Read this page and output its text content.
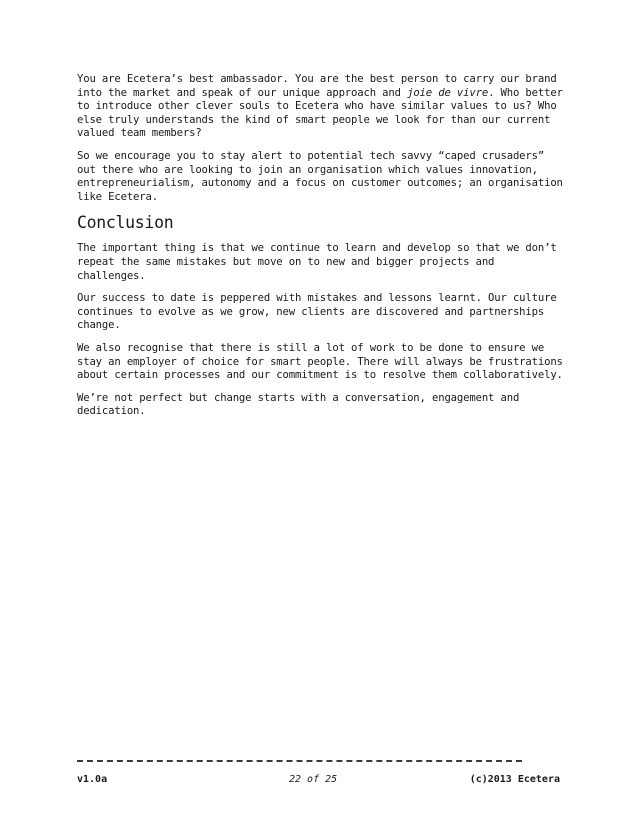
You are Ecetera’s best ambassador. You are the best person to carry our brand into the market and speak of our unique approach and joie de vivre. Who better to introduce other clever souls to Ecetera who have similar values to us? Who else truly understands the kind of smart people we look for than our current valued team members?

So we encourage you to stay alert to potential tech savvy “caped crusaders” out there who are looking to join an organisation which values innovation, entrepreneurialism, autonomy and a focus on customer outcomes; an organisation like Ecetera.

Conclusion

The important thing is that we continue to learn and develop so that we don’t repeat the same mistakes but move on to new and bigger projects and challenges.

Our success to date is peppered with mistakes and lessons learnt. Our culture continues to evolve as we grow, new clients are discovered and partnerships change.

We also recognise that there is still a lot of work to be done to ensure we stay an employer of choice for smart people. There will always be frustrations about certain processes and our commitment is to resolve them collaboratively.

We’re not perfect but change starts with a conversation, engagement and dedication.

v1.0a	22 of 25	(c)2013 Ecetera
